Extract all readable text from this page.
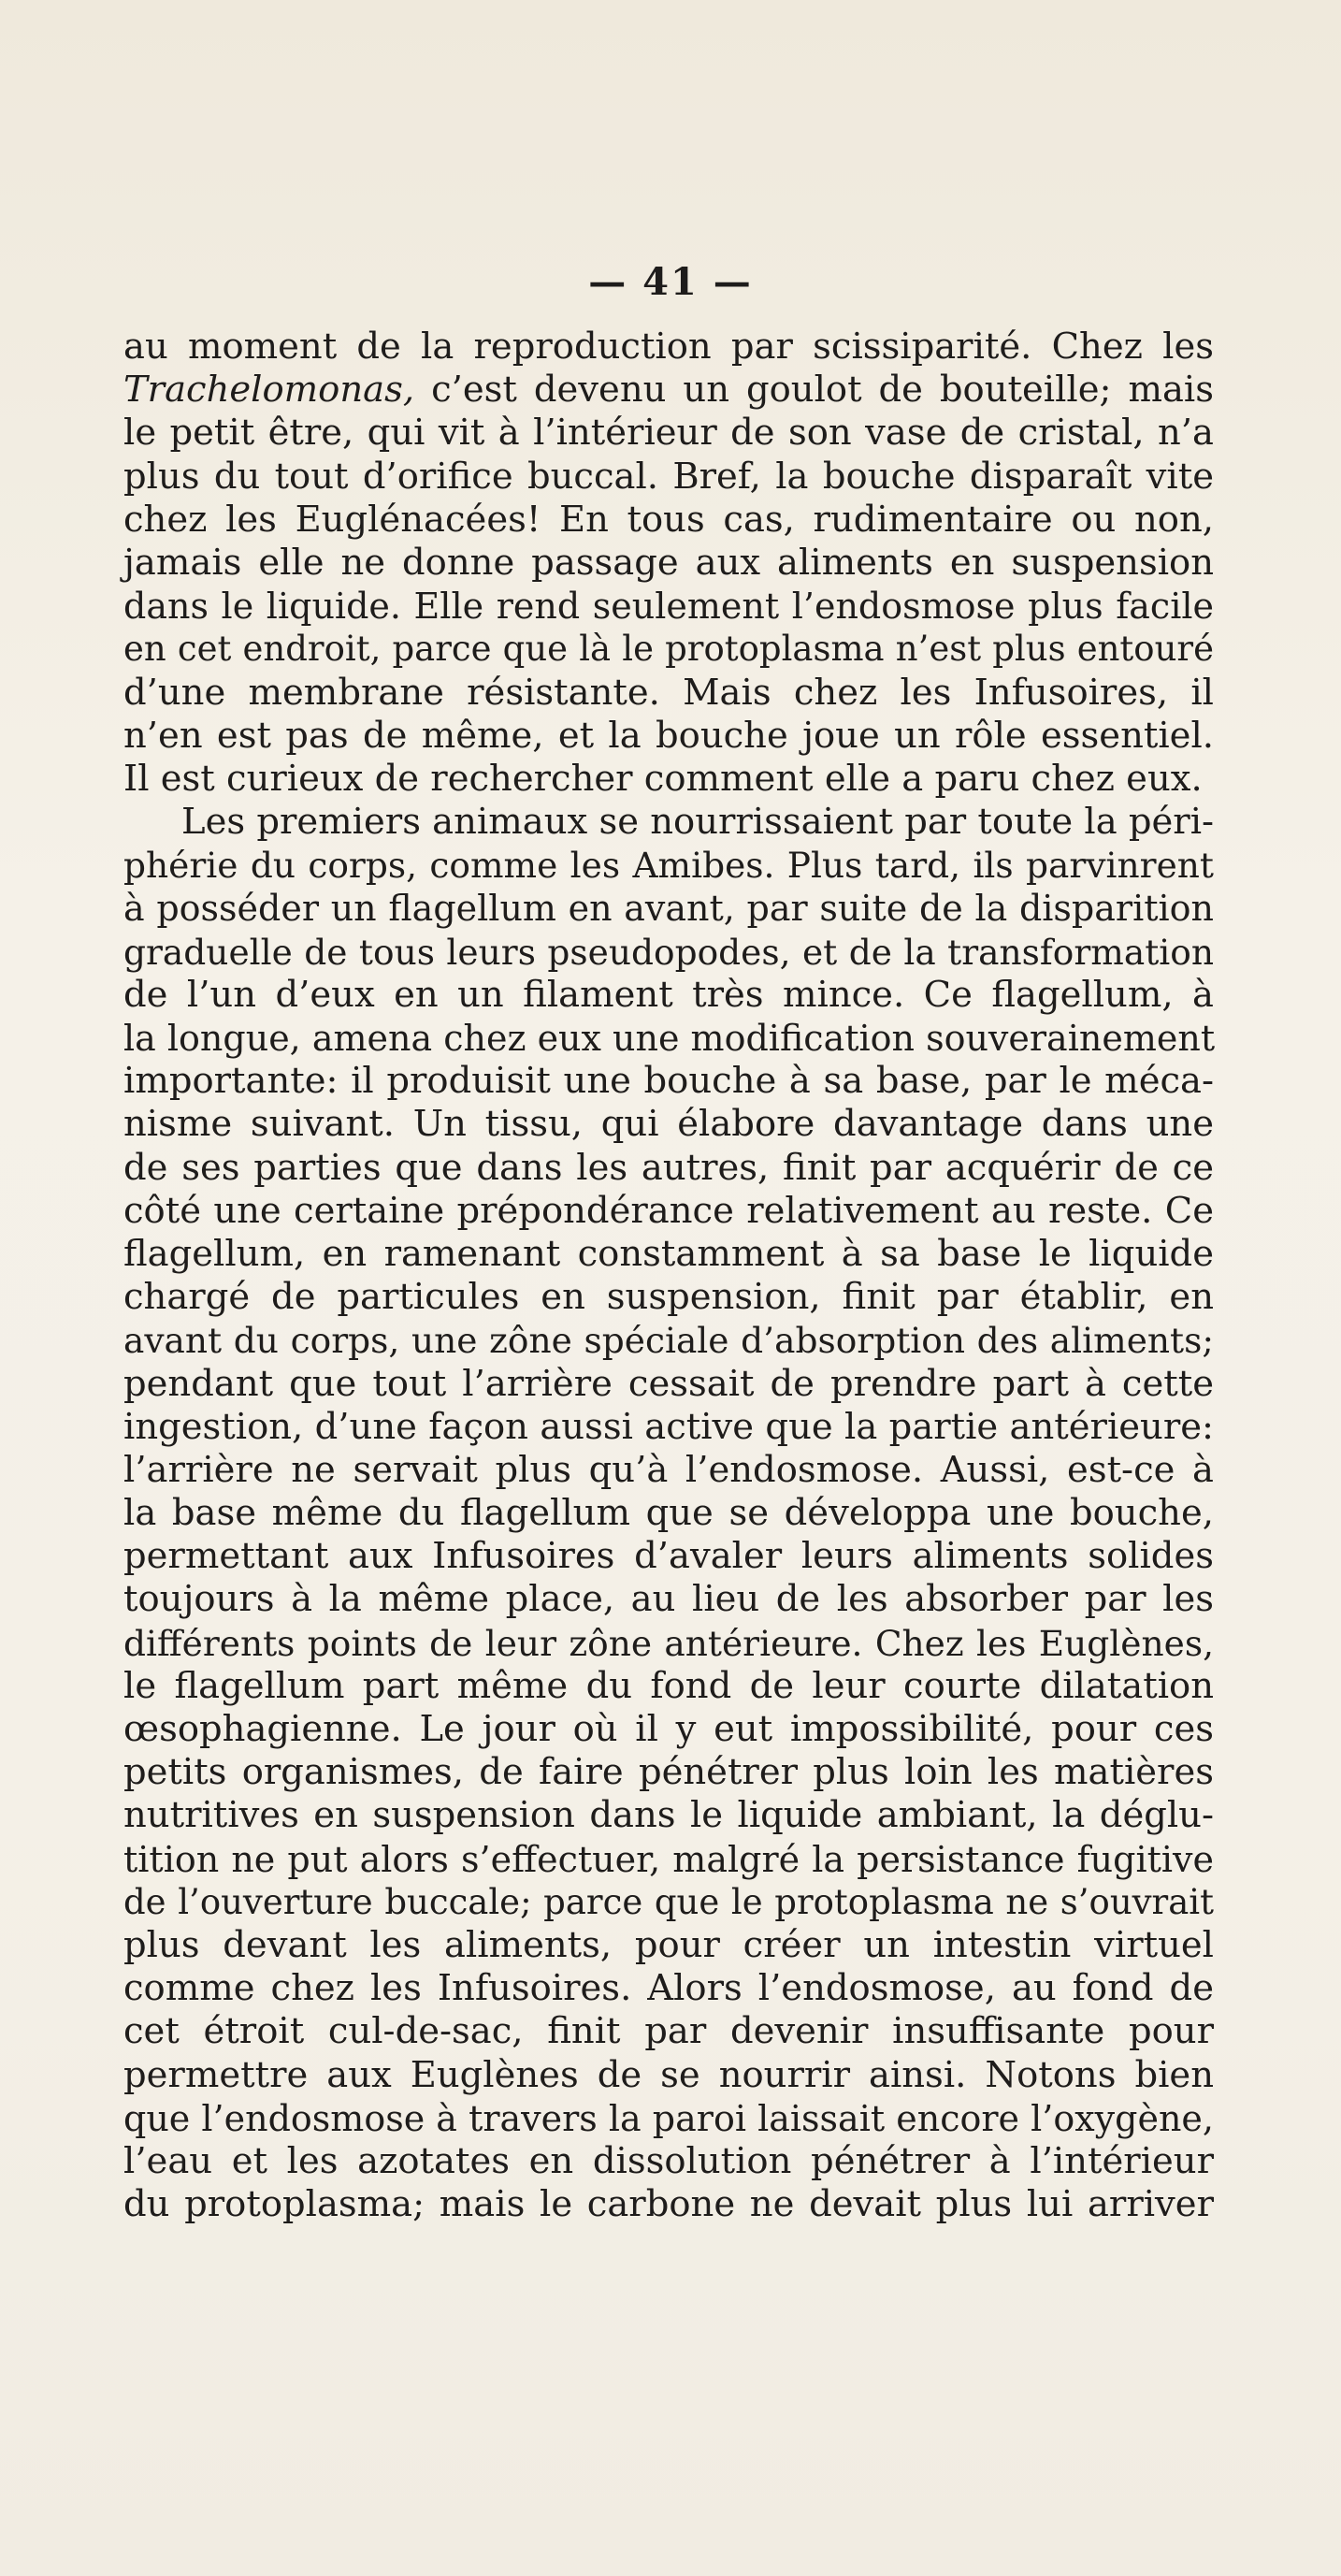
— 41 —
au moment de la reproduction par scissiparité. Chez les
Trachelomonas, c’est devenu un goulot de bouteille; mais
le petit être, qui vit à l’intérieur de son vase de cristal, n’a
plus du tout d’orifice buccal. Bref, la bouche disparaît vite
chez les Euglénacées! En tous cas, rudimentaire ou non,
jamais elle ne donne passage aux aliments en suspension
dans le liquide. Elle rend seulement l’endosmose plus facile
en cet endroit, parce que là le protoplasma n’est plus entouré
d’une membrane résistante. Mais chez les Infusoires, il
n’en est pas de même, et la bouche joue un rôle essentiel.
Il est curieux de rechercher comment elle a paru chez eux.
Les premiers animaux se nourrissaient par toute la péri-
phérie du corps, comme les Amibes. Plus tard, ils parvinrent
à posséder un flagellum en avant, par suite de la disparition
graduelle de tous leurs pseudopodes, et de la transformation
de l’un d’eux en un filament très mince. Ce flagellum, à
la longue, amena chez eux une modification souverainement
importante: il produisit une bouche à sa base, par le méca-
nisme suivant. Un tissu, qui élabore davantage dans une
de ses parties que dans les autres, finit par acquérir de ce
côté une certaine prépondérance relativement au reste. Ce
flagellum, en ramenant constamment à sa base le liquide
chargé de particules en suspension, finit par établir, en
avant du corps, une zône spéciale d’absorption des aliments;
pendant que tout l’arrière cessait de prendre part à cette
ingestion, d’une façon aussi active que la partie antérieure:
l’arrière ne servait plus qu’à l’endosmose. Aussi, est-ce à
la base même du flagellum que se développa une bouche,
permettant aux Infusoires d’avaler leurs aliments solides
toujours à la même place, au lieu de les absorber par les
différents points de leur zône antérieure. Chez les Euglènes,
le flagellum part même du fond de leur courte dilatation
œsophagienne. Le jour où il y eut impossibilité, pour ces
petits organismes, de faire pénétrer plus loin les matières
nutritives en suspension dans le liquide ambiant, la déglu-
tition ne put alors s’effectuer, malgré la persistance fugitive
de l’ouverture buccale; parce que le protoplasma ne s’ouvrait
plus devant les aliments, pour créer un intestin virtuel
comme chez les Infusoires. Alors l’endosmose, au fond de
cet étroit cul-de-sac, finit par devenir insuffisante pour
permettre aux Euglènes de se nourrir ainsi. Notons bien
que l’endosmose à travers la paroi laissait encore l’oxygène,
l’eau et les azotates en dissolution pénétrer à l’intérieur
du protoplasma; mais le carbone ne devait plus lui arriver
